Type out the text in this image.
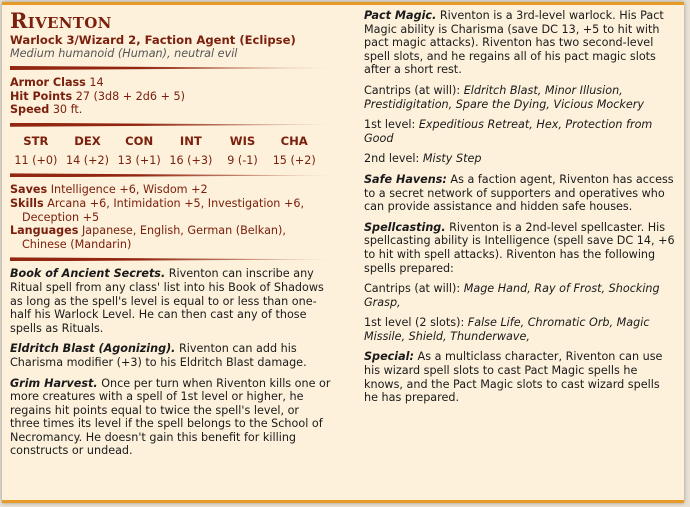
Riventon
Warlock 3/Wizard 2, Faction Agent (Eclipse)
Medium humanoid (Human), neutral evil
Armor Class 14
Hit Points 27 (3d8 + 2d6 + 5)
Speed 30 ft.
STR
11 (+0)
DEX
14 (+2)
CON
13 (+1)
INT
16 (+3)
WIS
9 (-1)
CHA
15 (+2)
Saves Intelligence +6, Wisdom +2
Skills Arcana +6, Intimidation +5, Investigation +6, Deception +5
Languages Japanese, English, German (Belkan), Chinese (Mandarin)

Book of Ancient Secrets. Riventon can inscribe any Ritual spell from any class' list into his Book of Shadows as long as the spell's level is equal to or less than one-half his Warlock Level. He can then cast any of those spells as Rituals.

Eldritch Blast (Agonizing). Riventon can add his Charisma modifier (+3) to his Eldritch Blast damage.

Grim Harvest. Once per turn when Riventon kills one or more creatures with a spell of 1st level or higher, he regains hit points equal to twice the spell's level, or three times its level if the spell belongs to the School of Necromancy. He doesn't gain this benefit for killing constructs or undead.

Pact Magic. Riventon is a 3rd-level warlock. His Pact Magic ability is Charisma (save DC 13, +5 to hit with pact magic attacks). Riventon has two second-level spell slots, and he regains all of his pact magic slots after a short rest.

Cantrips (at will): Eldritch Blast, Minor Illusion, Prestidigitation, Spare the Dying, Vicious Mockery

1st level: Expeditious Retreat, Hex, Protection from Good

2nd level: Misty Step

Safe Havens: As a faction agent, Riventon has access to a secret network of supporters and operatives who can provide assistance and hidden safe houses.

Spellcasting. Riventon is a 2nd-level spellcaster. His spellcasting ability is Intelligence (spell save DC 14, +6 to hit with spell attacks). Riventon has the following spells prepared:

Cantrips (at will): Mage Hand, Ray of Frost, Shocking Grasp,

1st level (2 slots): False Life, Chromatic Orb, Magic Missile, Shield, Thunderwave,

Special: As a multiclass character, Riventon can use his wizard spell slots to cast Pact Magic spells he knows, and the Pact Magic slots to cast wizard spells he has prepared.
